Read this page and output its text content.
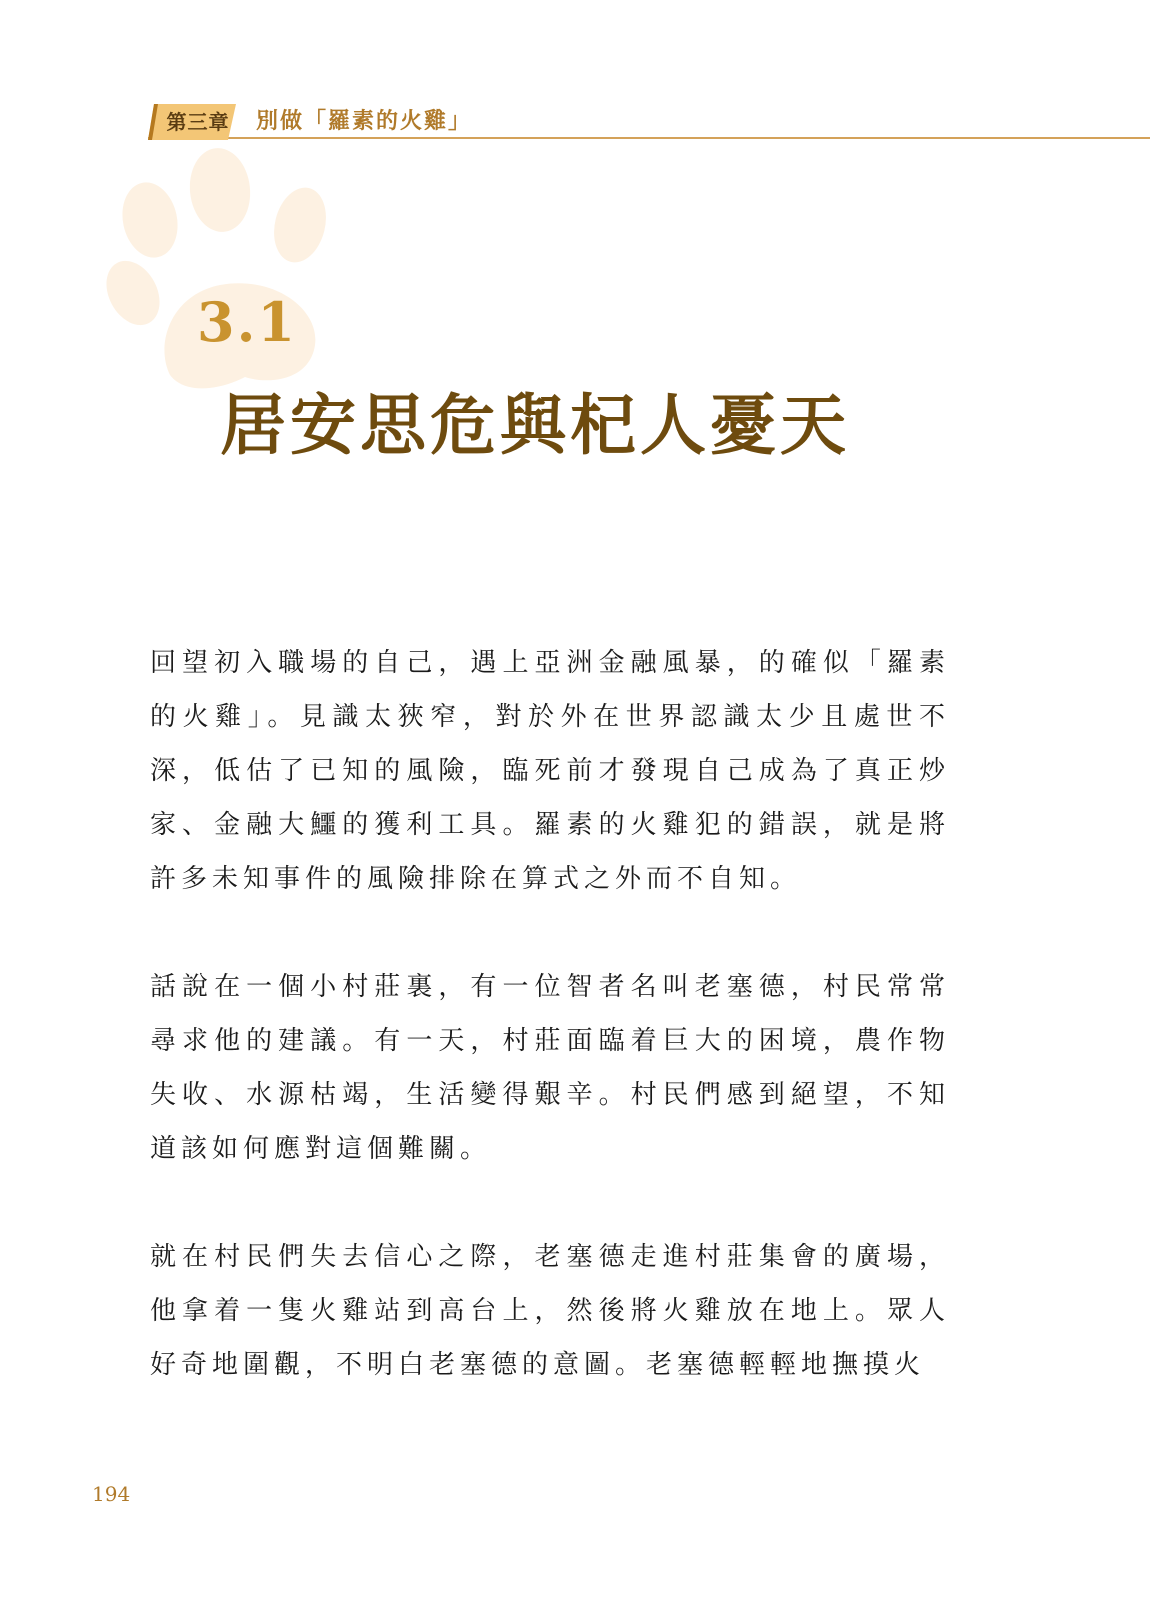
第三章 別做「羅素的火雞」
3.1
居安思危與杞人憂天

回望初入職場的自己，遇上亞洲金融風暴，的確似「羅素的火雞」。見識太狹窄，對於外在世界認識太少且處世不深，低估了已知的風險，臨死前才發現自己成為了真正炒家、金融大鱷的獲利工具。羅素的火雞犯的錯誤，就是將許多未知事件的風險排除在算式之外而不自知。

話說在一個小村莊裏，有一位智者名叫老塞德，村民常常尋求他的建議。有一天，村莊面臨着巨大的困境，農作物失收、水源枯竭，生活變得艱辛。村民們感到絕望，不知道該如何應對這個難關。

就在村民們失去信心之際，老塞德走進村莊集會的廣場，他拿着一隻火雞站到高台上，然後將火雞放在地上。眾人好奇地圍觀，不明白老塞德的意圖。老塞德輕輕地撫摸火

194
